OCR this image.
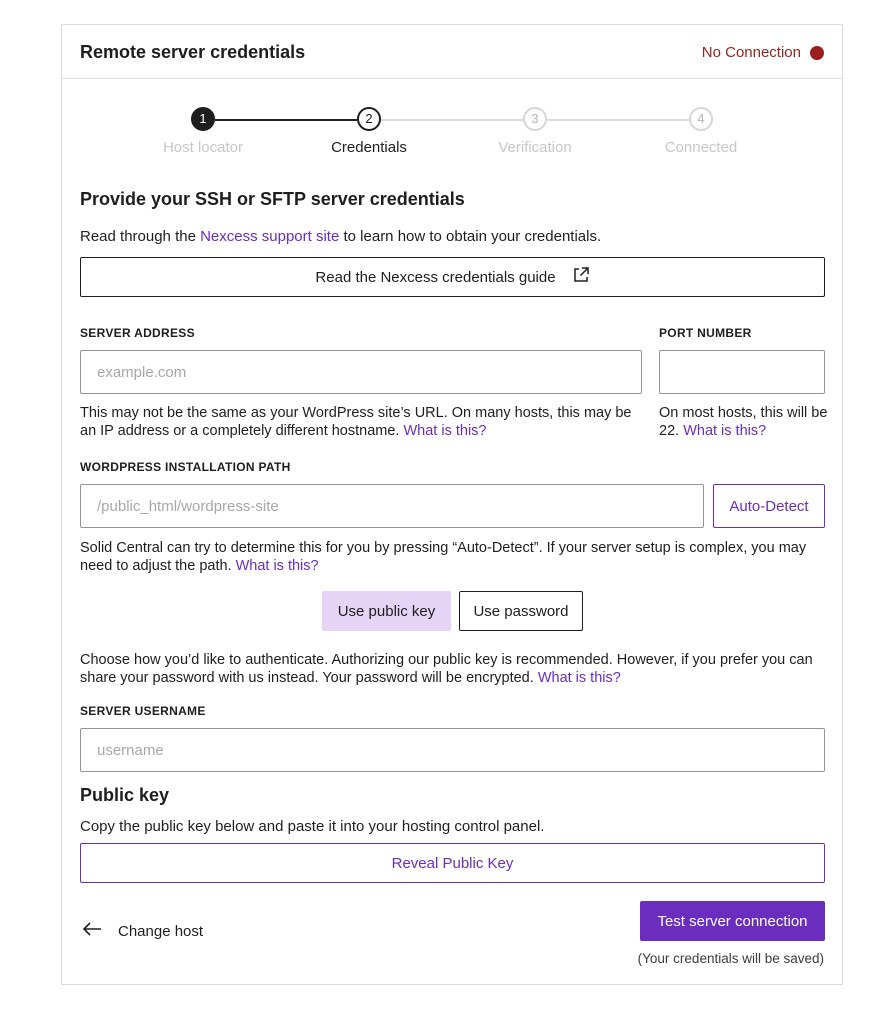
Remote server credentials	No Connection
1	2	3	4
Host locator	Credentials	Verification	Connected
Provide your SSH or SFTP server credentials
Read through the Nexcess support site to learn how to obtain your credentials.
Read the Nexcess credentials guide
SERVER ADDRESS
example.com
This may not be the same as your WordPress site’s URL. On many hosts, this may be an IP address or a completely different hostname. What is this?
PORT NUMBER
On most hosts, this will be 22. What is this?
WORDPRESS INSTALLATION PATH
/public_html/wordpress-site
Auto-Detect
Solid Central can try to determine this for you by pressing “Auto-Detect”. If your server setup is complex, you may need to adjust the path. What is this?
Use public key	Use password
Choose how you’d like to authenticate. Authorizing our public key is recommended. However, if you prefer you can share your password with us instead. Your password will be encrypted. What is this?
SERVER USERNAME
username
Public key
Copy the public key below and paste it into your hosting control panel.
Reveal Public Key
Change host
Test server connection
(Your credentials will be saved)
